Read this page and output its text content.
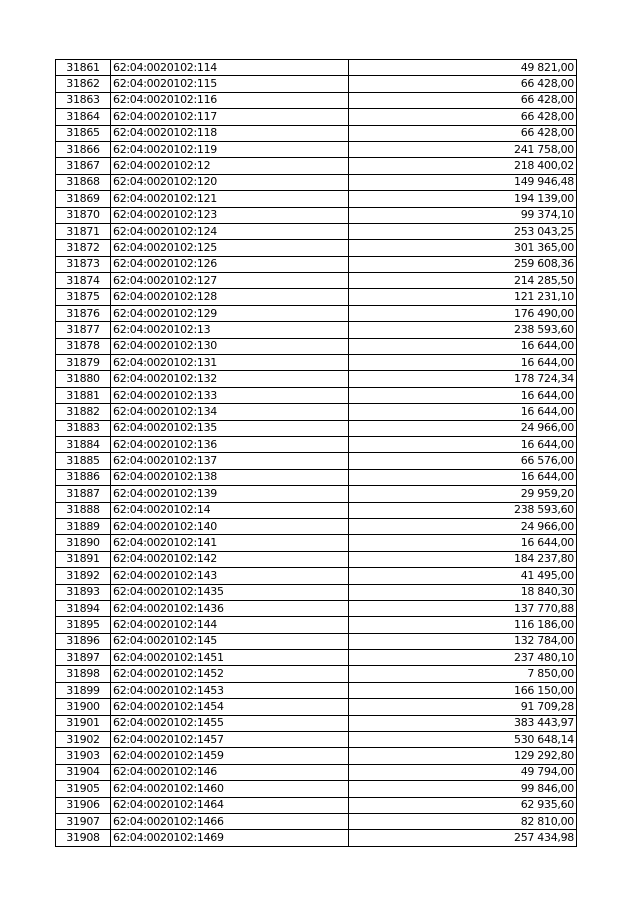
31861	62:04:0020102:114	49 821,00
31862	62:04:0020102:115	66 428,00
31863	62:04:0020102:116	66 428,00
31864	62:04:0020102:117	66 428,00
31865	62:04:0020102:118	66 428,00
31866	62:04:0020102:119	241 758,00
31867	62:04:0020102:12	218 400,02
31868	62:04:0020102:120	149 946,48
31869	62:04:0020102:121	194 139,00
31870	62:04:0020102:123	99 374,10
31871	62:04:0020102:124	253 043,25
31872	62:04:0020102:125	301 365,00
31873	62:04:0020102:126	259 608,36
31874	62:04:0020102:127	214 285,50
31875	62:04:0020102:128	121 231,10
31876	62:04:0020102:129	176 490,00
31877	62:04:0020102:13	238 593,60
31878	62:04:0020102:130	16 644,00
31879	62:04:0020102:131	16 644,00
31880	62:04:0020102:132	178 724,34
31881	62:04:0020102:133	16 644,00
31882	62:04:0020102:134	16 644,00
31883	62:04:0020102:135	24 966,00
31884	62:04:0020102:136	16 644,00
31885	62:04:0020102:137	66 576,00
31886	62:04:0020102:138	16 644,00
31887	62:04:0020102:139	29 959,20
31888	62:04:0020102:14	238 593,60
31889	62:04:0020102:140	24 966,00
31890	62:04:0020102:141	16 644,00
31891	62:04:0020102:142	184 237,80
31892	62:04:0020102:143	41 495,00
31893	62:04:0020102:1435	18 840,30
31894	62:04:0020102:1436	137 770,88
31895	62:04:0020102:144	116 186,00
31896	62:04:0020102:145	132 784,00
31897	62:04:0020102:1451	237 480,10
31898	62:04:0020102:1452	7 850,00
31899	62:04:0020102:1453	166 150,00
31900	62:04:0020102:1454	91 709,28
31901	62:04:0020102:1455	383 443,97
31902	62:04:0020102:1457	530 648,14
31903	62:04:0020102:1459	129 292,80
31904	62:04:0020102:146	49 794,00
31905	62:04:0020102:1460	99 846,00
31906	62:04:0020102:1464	62 935,60
31907	62:04:0020102:1466	82 810,00
31908	62:04:0020102:1469	257 434,98
